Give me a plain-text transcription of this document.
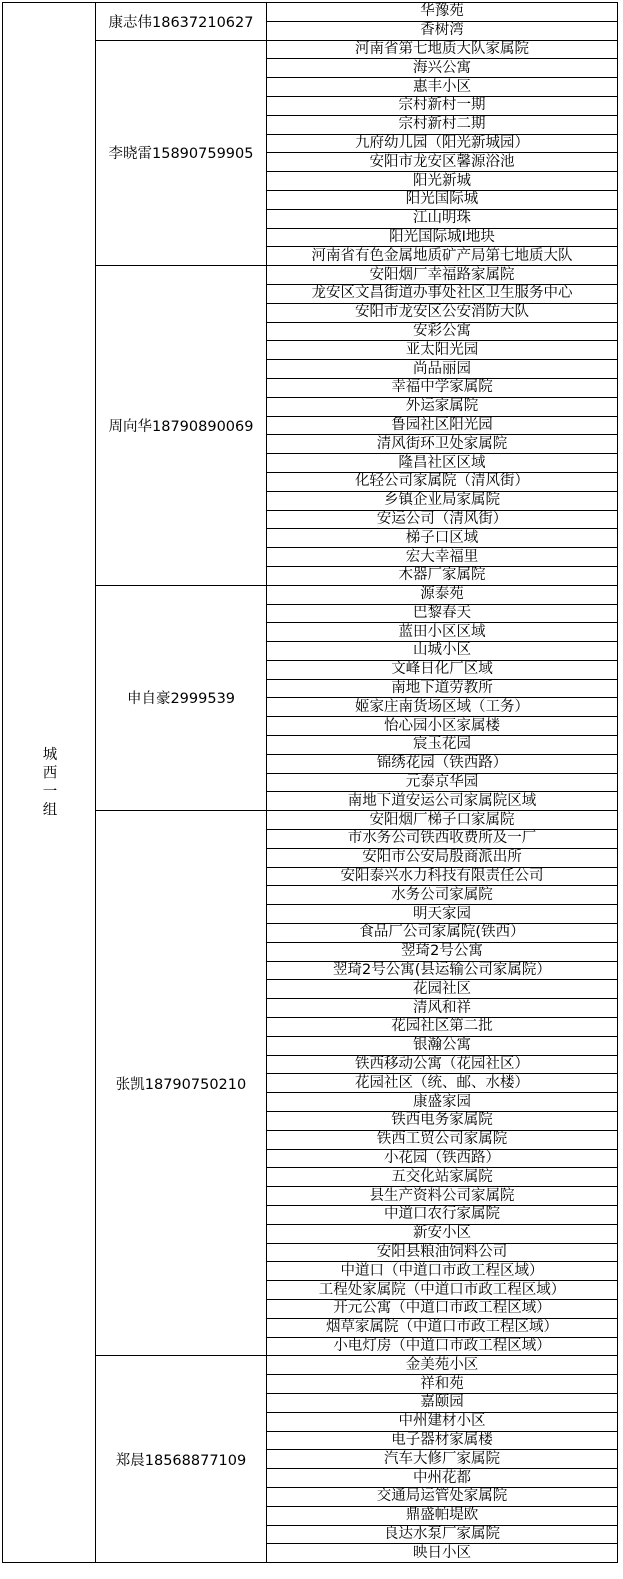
城西一组	康志伟18637210627	华豫苑
		香树湾
	李晓雷15890759905	河南省第七地质大队家属院
		海兴公寓
		惠丰小区
		宗村新村一期
		宗村新村二期
		九府幼儿园（阳光新城园）
		安阳市龙安区馨源浴池
		阳光新城
		阳光国际城
		江山明珠
		阳光国际城I地块
		河南省有色金属地质矿产局第七地质大队
	周向华18790890069	安阳烟厂幸福路家属院
		龙安区文昌街道办事处社区卫生服务中心
		安阳市龙安区公安消防大队
		安彩公寓
		亚太阳光园
		尚品丽园
		幸福中学家属院
		外运家属院
		鲁园社区阳光园
		清风街环卫处家属院
		隆昌社区区域
		化轻公司家属院（清风街）
		乡镇企业局家属院
		安运公司（清风街）
		梯子口区域
		宏大幸福里
		木器厂家属院
	申自豪2999539	源泰苑
		巴黎春天
		蓝田小区区域
		山城小区
		文峰日化厂区域
		南地下道劳教所
		姬家庄南货场区域（工务）
		怡心园小区家属楼
		宸玉花园
		锦绣花园（铁西路）
		元泰京华园
		南地下道安运公司家属院区域
	张凯18790750210	安阳烟厂梯子口家属院
		市水务公司铁西收费所及一厂
		安阳市公安局殷商派出所
		安阳泰兴水力科技有限责任公司
		水务公司家属院
		明天家园
		食品厂公司家属院(铁西）
		翌琦2号公寓
		翌琦2号公寓(县运输公司家属院）
		花园社区
		清风和祥
		花园社区第二批
		银瀚公寓
		铁西移动公寓（花园社区）
		花园社区（统、邮、水楼）
		康盛家园
		铁西电务家属院
		铁西工贸公司家属院
		小花园（铁西路）
		五交化站家属院
		县生产资料公司家属院
		中道口农行家属院
		新安小区
		安阳县粮油饲料公司
		中道口（中道口市政工程区域）
		工程处家属院（中道口市政工程区域）
		开元公寓（中道口市政工程区域）
		烟草家属院（中道口市政工程区域）
		小电灯房（中道口市政工程区域）
	郑晨18568877109	金美苑小区
		祥和苑
		嘉颐园
		中州建材小区
		电子器材家属楼
		汽车大修厂家属院
		中州花都
		交通局运管处家属院
		鼎盛帕堤欧
		良达水泵厂家属院
		映日小区
